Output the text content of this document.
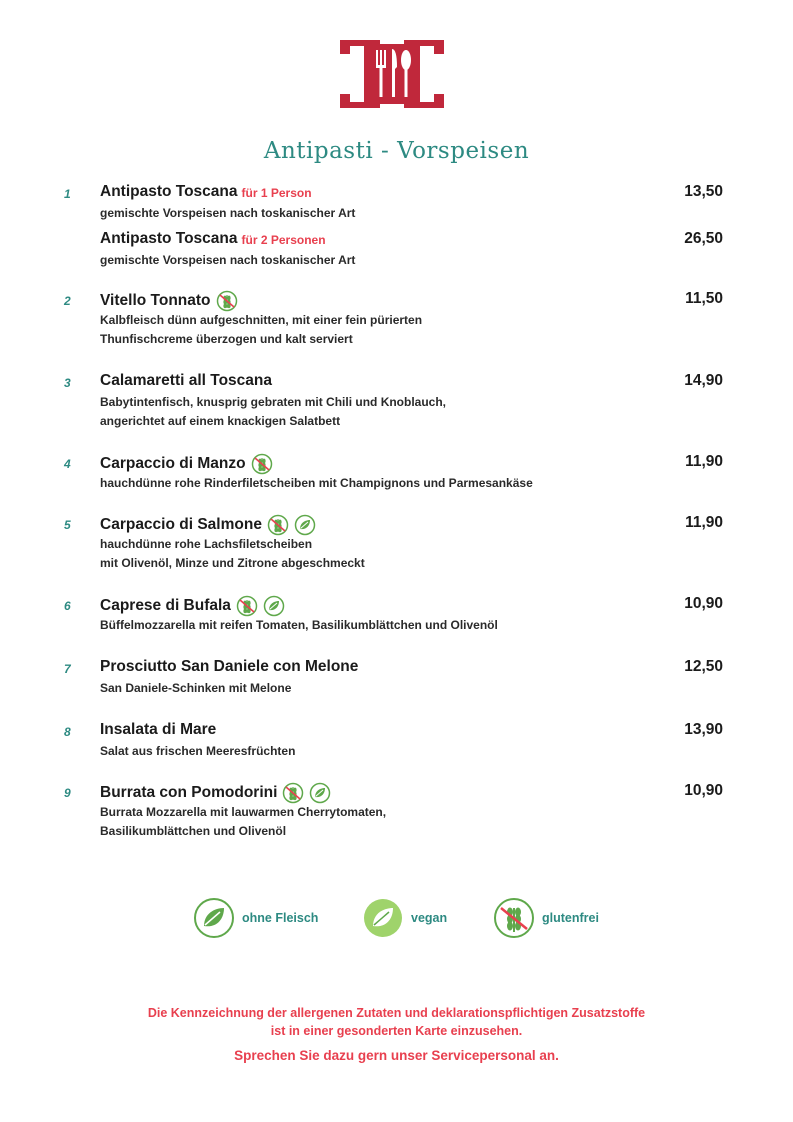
Antipasti - Vorspeisen
1 Antipasto Toscana für 1 Person	13,50
gemischte Vorspeisen nach toskanischer Art
Antipasto Toscana für 2 Personen	26,50
gemischte Vorspeisen nach toskanischer Art
2 Vitello Tonnato	11,50
Kalbfleisch dünn aufgeschnitten, mit einer fein pürierten
Thunfischcreme überzogen und kalt serviert
3 Calamaretti all Toscana	14,90
Babytintenfisch, knusprig gebraten mit Chili und Knoblauch,
angerichtet auf einem knackigen Salatbett
4 Carpaccio di Manzo	11,90
hauchdünne rohe Rinderfiletscheiben mit Champignons und Parmesankäse
5 Carpaccio di Salmone	11,90
hauchdünne rohe Lachsfiletscheiben
mit Olivenöl, Minze und Zitrone abgeschmeckt
6 Caprese di Bufala	10,90
Büffelmozzarella mit reifen Tomaten, Basilikumblättchen und Olivenöl
7 Prosciutto San Daniele con Melone	12,50
San Daniele-Schinken mit Melone
8 Insalata di Mare	13,90
Salat aus frischen Meeresfrüchten
9 Burrata con Pomodorini	10,90
Burrata Mozzarella mit lauwarmen Cherrytomaten,
Basilikumblättchen und Olivenöl
ohne Fleisch	vegan	glutenfrei
Die Kennzeichnung der allergenen Zutaten und deklarationspflichtigen Zusatzstoffe
ist in einer gesonderten Karte einzusehen.
Sprechen Sie dazu gern unser Servicepersonal an.
